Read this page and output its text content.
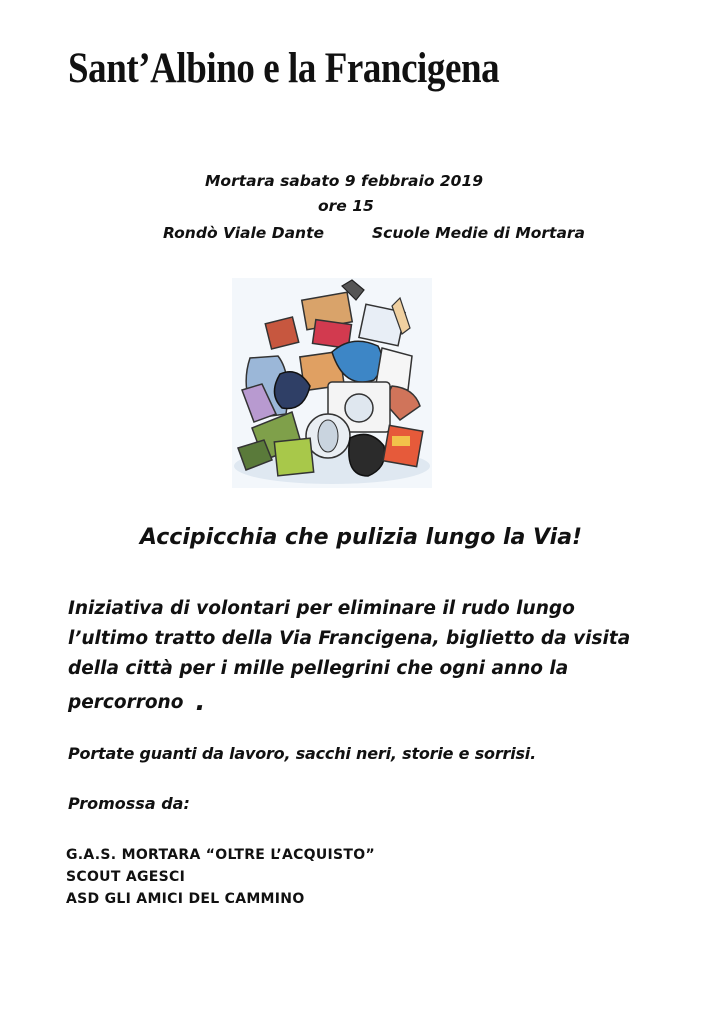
Sant’Albino e la Francigena
Mortara sabato 9 febbraio 2019
ore 15
Rondò Viale Dante	Scuole Medie di Mortara
Accipicchia che pulizia lungo la Via!
Iniziativa di volontari per eliminare il rudo lungo
l’ultimo tratto della Via Francigena, biglietto da visita
della città per i mille pellegrini che ogni anno la
percorrono .
Portate guanti da lavoro, sacchi neri, storie e sorrisi.
Promossa da:
G.A.S. MORTARA “OLTRE L’ACQUISTO”
SCOUT AGESCI
ASD GLI AMICI DEL CAMMINO
